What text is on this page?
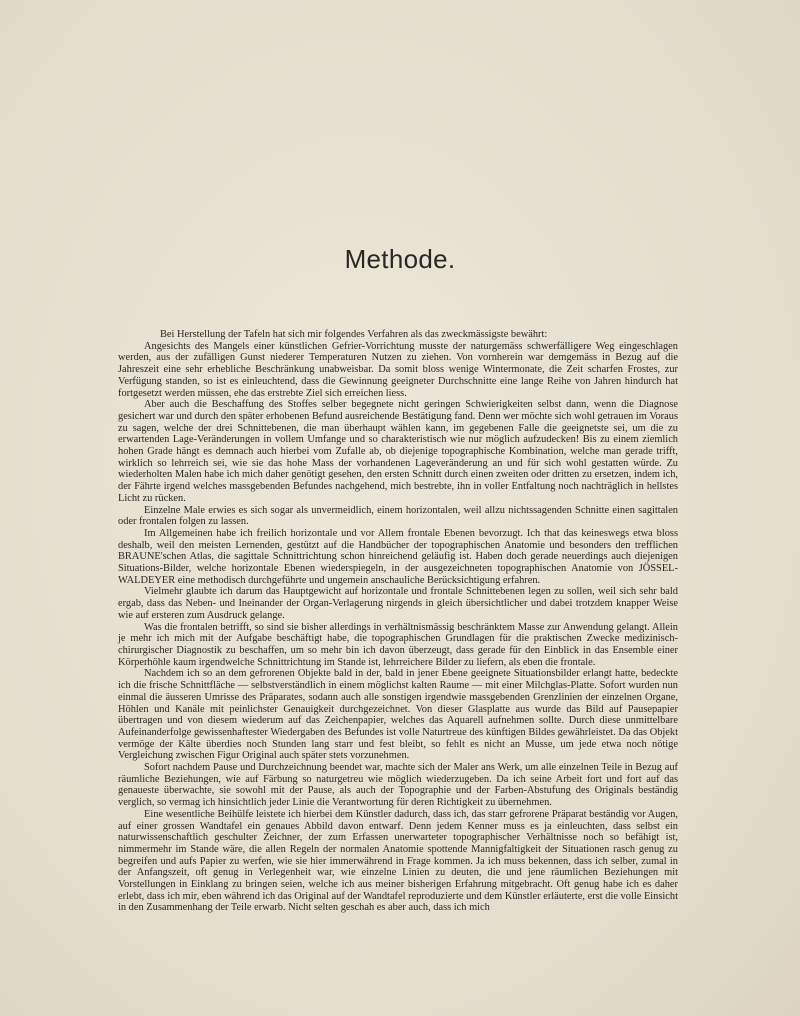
Methode.

Bei Herstellung der Tafeln hat sich mir folgendes Verfahren als das zweckmässigste bewährt:

Angesichts des Mangels einer künstlichen Gefrier-Vorrichtung musste der naturgemäss schwerfälligere Weg eingeschlagen werden, aus der zufälligen Gunst niederer Temperaturen Nutzen zu ziehen. Von vornherein war demgemäss in Bezug auf die Jahreszeit eine sehr erhebliche Beschränkung unabweisbar. Da somit bloss wenige Wintermonate, die Zeit scharfen Frostes, zur Verfügung standen, so ist es einleuchtend, dass die Gewinnung geeigneter Durchschnitte eine lange Reihe von Jahren hindurch hat fortgesetzt werden müssen, ehe das erstrebte Ziel sich erreichen liess.

Aber auch die Beschaffung des Stoffes selber begegnete nicht geringen Schwierigkeiten selbst dann, wenn die Diagnose gesichert war und durch den später erhobenen Befund ausreichende Bestätigung fand. Denn wer möchte sich wohl getrauen im Voraus zu sagen, welche der drei Schnittebenen, die man überhaupt wählen kann, im gegebenen Falle die geeignetste sei, um die zu erwartenden Lage-Veränderungen in vollem Umfange und so charakteristisch wie nur möglich aufzudecken! Bis zu einem ziemlich hohen Grade hängt es demnach auch hierbei vom Zufalle ab, ob diejenige topographische Kombination, welche man gerade trifft, wirklich so lehrreich sei, wie sie das hohe Mass der vorhandenen Lageveränderung an und für sich wohl gestatten würde. Zu wiederholten Malen habe ich mich daher genötigt gesehen, den ersten Schnitt durch einen zweiten oder dritten zu ersetzen, indem ich, der Fährte irgend welches massgebenden Befundes nachgehend, mich bestrebte, ihn in voller Entfaltung noch nachträglich in hellstes Licht zu rücken.

Einzelne Male erwies es sich sogar als unvermeidlich, einem horizontalen, weil allzu nichtssagenden Schnitte einen sagittalen oder frontalen folgen zu lassen.

Im Allgemeinen habe ich freilich horizontale und vor Allem frontale Ebenen bevorzugt. Ich that das keineswegs etwa bloss deshalb, weil den meisten Lernenden, gestützt auf die Handbücher der topographischen Anatomie und besonders den trefflichen BRAUNE'schen Atlas, die sagittale Schnittrichtung schon hinreichend geläufig ist. Haben doch gerade neuerdings auch diejenigen Situations-Bilder, welche horizontale Ebenen wiederspiegeln, in der ausgezeichneten topographischen Anatomie von JÖSSEL-WALDEYER eine methodisch durchgeführte und ungemein anschauliche Berücksichtigung erfahren.

Vielmehr glaubte ich darum das Hauptgewicht auf horizontale und frontale Schnittebenen legen zu sollen, weil sich sehr bald ergab, dass das Neben- und Ineinander der Organ-Verlagerung nirgends in gleich übersichtlicher und dabei trotzdem knapper Weise wie auf ersteren zum Ausdruck gelange.

Was die frontalen betrifft, so sind sie bisher allerdings in verhältnismässig beschränktem Masse zur Anwendung gelangt. Allein je mehr ich mich mit der Aufgabe beschäftigt habe, die topographischen Grundlagen für die praktischen Zwecke medizinisch-chirurgischer Diagnostik zu beschaffen, um so mehr bin ich davon überzeugt, dass gerade für den Einblick in das Ensemble einer Körperhöhle kaum irgendwelche Schnittrichtung im Stande ist, lehrreichere Bilder zu liefern, als eben die frontale.

Nachdem ich so an dem gefrorenen Objekte bald in der, bald in jener Ebene geeignete Situationsbilder erlangt hatte, bedeckte ich die frische Schnittfläche — selbstverständlich in einem möglichst kalten Raume — mit einer Milchglas-Platte. Sofort wurden nun einmal die äusseren Umrisse des Präparates, sodann auch alle sonstigen irgendwie massgebenden Grenzlinien der einzelnen Organe, Höhlen und Kanäle mit peinlichster Genauigkeit durchgezeichnet. Von dieser Glasplatte aus wurde das Bild auf Pausepapier übertragen und von diesem wiederum auf das Zeichenpapier, welches das Aquarell aufnehmen sollte. Durch diese unmittelbare Aufeinanderfolge gewissenhaftester Wiedergaben des Befundes ist volle Naturtreue des künftigen Bildes gewährleistet. Da das Objekt vermöge der Kälte überdies noch Stunden lang starr und fest bleibt, so fehlt es nicht an Musse, um jede etwa noch nötige Vergleichung zwischen Figur Original auch später stets vorzunehmen.

Sofort nachdem Pause und Durchzeichnung beendet war, machte sich der Maler ans Werk, um alle einzelnen Teile in Bezug auf räumliche Beziehungen, wie auf Färbung so naturgetreu wie möglich wiederzugeben. Da ich seine Arbeit fort und fort auf das genaueste überwachte, sie sowohl mit der Pause, als auch der Topographie und der Farben-Abstufung des Originals beständig verglich, so vermag ich hinsichtlich jeder Linie die Verantwortung für deren Richtigkeit zu übernehmen.

Eine wesentliche Beihülfe leistete ich hierbei dem Künstler dadurch, dass ich, das starr gefrorene Präparat beständig vor Augen, auf einer grossen Wandtafel ein genaues Abbild davon entwarf. Denn jedem Kenner muss es ja einleuchten, dass selbst ein naturwissenschaftlich geschulter Zeichner, der zum Erfassen unerwarteter topographischer Verhältnisse noch so befähigt ist, nimmermehr im Stande wäre, die allen Regeln der normalen Anatomie spottende Mannigfaltigkeit der Situationen rasch genug zu begreifen und aufs Papier zu werfen, wie sie hier immerwährend in Frage kommen. Ja ich muss bekennen, dass ich selber, zumal in der Anfangszeit, oft genug in Verlegenheit war, wie einzelne Linien zu deuten, die und jene räumlichen Beziehungen mit Vorstellungen in Einklang zu bringen seien, welche ich aus meiner bisherigen Erfahrung mitgebracht. Oft genug habe ich es daher erlebt, dass ich mir, eben während ich das Original auf der Wandtafel reproduzierte und dem Künstler erläuterte, erst die volle Einsicht in den Zusammenhang der Teile erwarb. Nicht selten geschah es aber auch, dass ich mich
